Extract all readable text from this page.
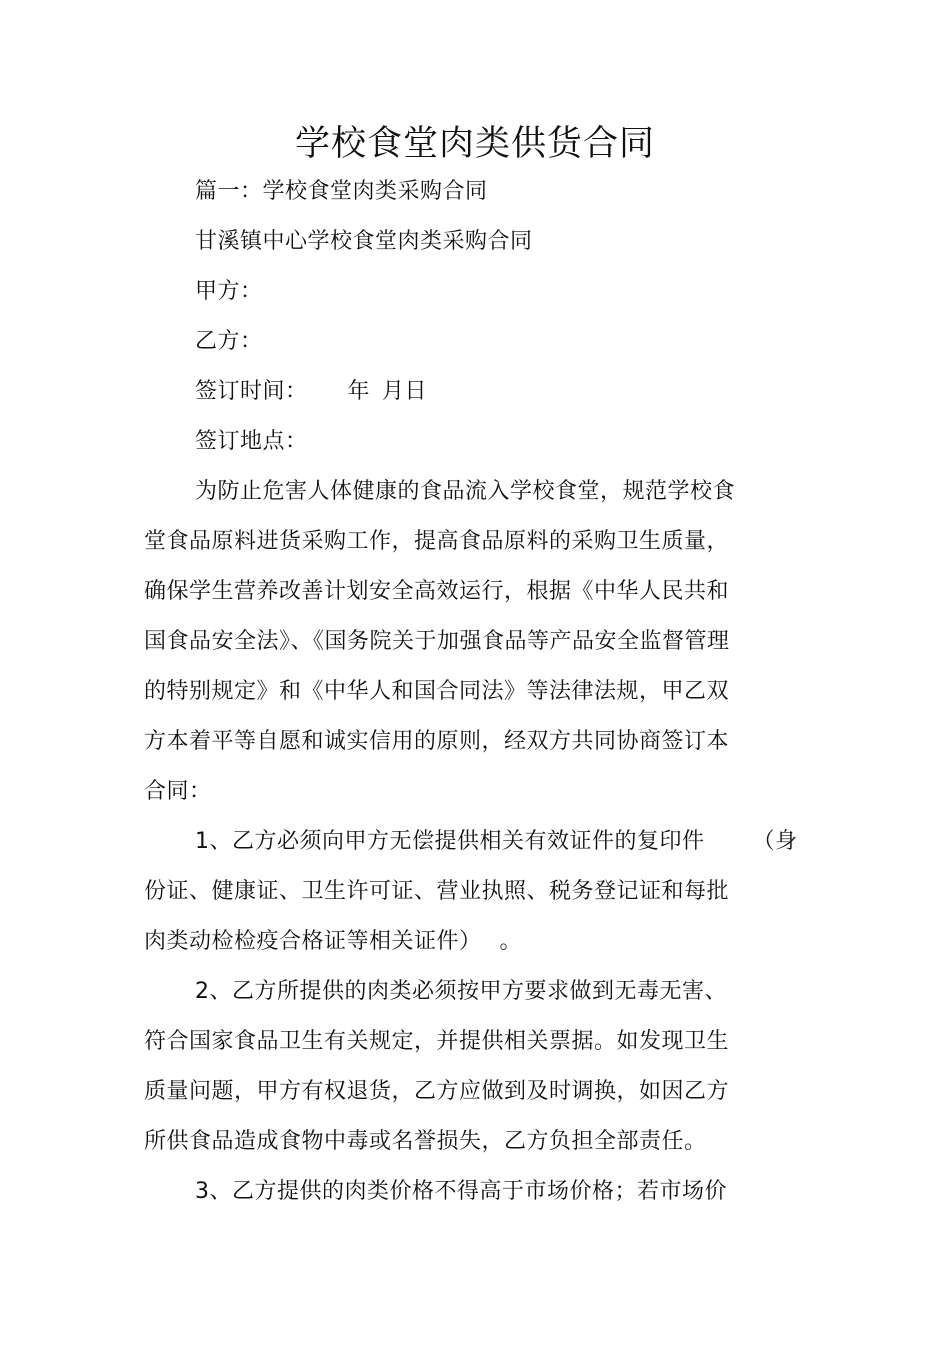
学校食堂肉类供货合同
篇一：学校食堂肉类采购合同
甘溪镇中心学校食堂肉类采购合同
甲方：
乙方：
签订时间： 年 月日
签订地点：
为防止危害人体健康的食品流入学校食堂，规范学校食
堂食品原料进货采购工作，提高食品原料的采购卫生质量，
确保学生营养改善计划安全高效运行，根据《中华人民共和
国食品安全法》、《国务院关于加强食品等产品安全监督管理
的特别规定》和《中华人和国合同法》等法律法规，甲乙双
方本着平等自愿和诚实信用的原则，经双方共同协商签订本
合同：
1、乙方必须向甲方无偿提供相关有效证件的复印件 （身
份证、健康证、卫生许可证、营业执照、税务登记证和每批
肉类动检检疫合格证等相关证件） 。
2、乙方所提供的肉类必须按甲方要求做到无毒无害、
符合国家食品卫生有关规定，并提供相关票据。如发现卫生
质量问题，甲方有权退货，乙方应做到及时调换，如因乙方
所供食品造成食物中毒或名誉损失，乙方负担全部责任。
3、乙方提供的肉类价格不得高于市场价格；若市场价
